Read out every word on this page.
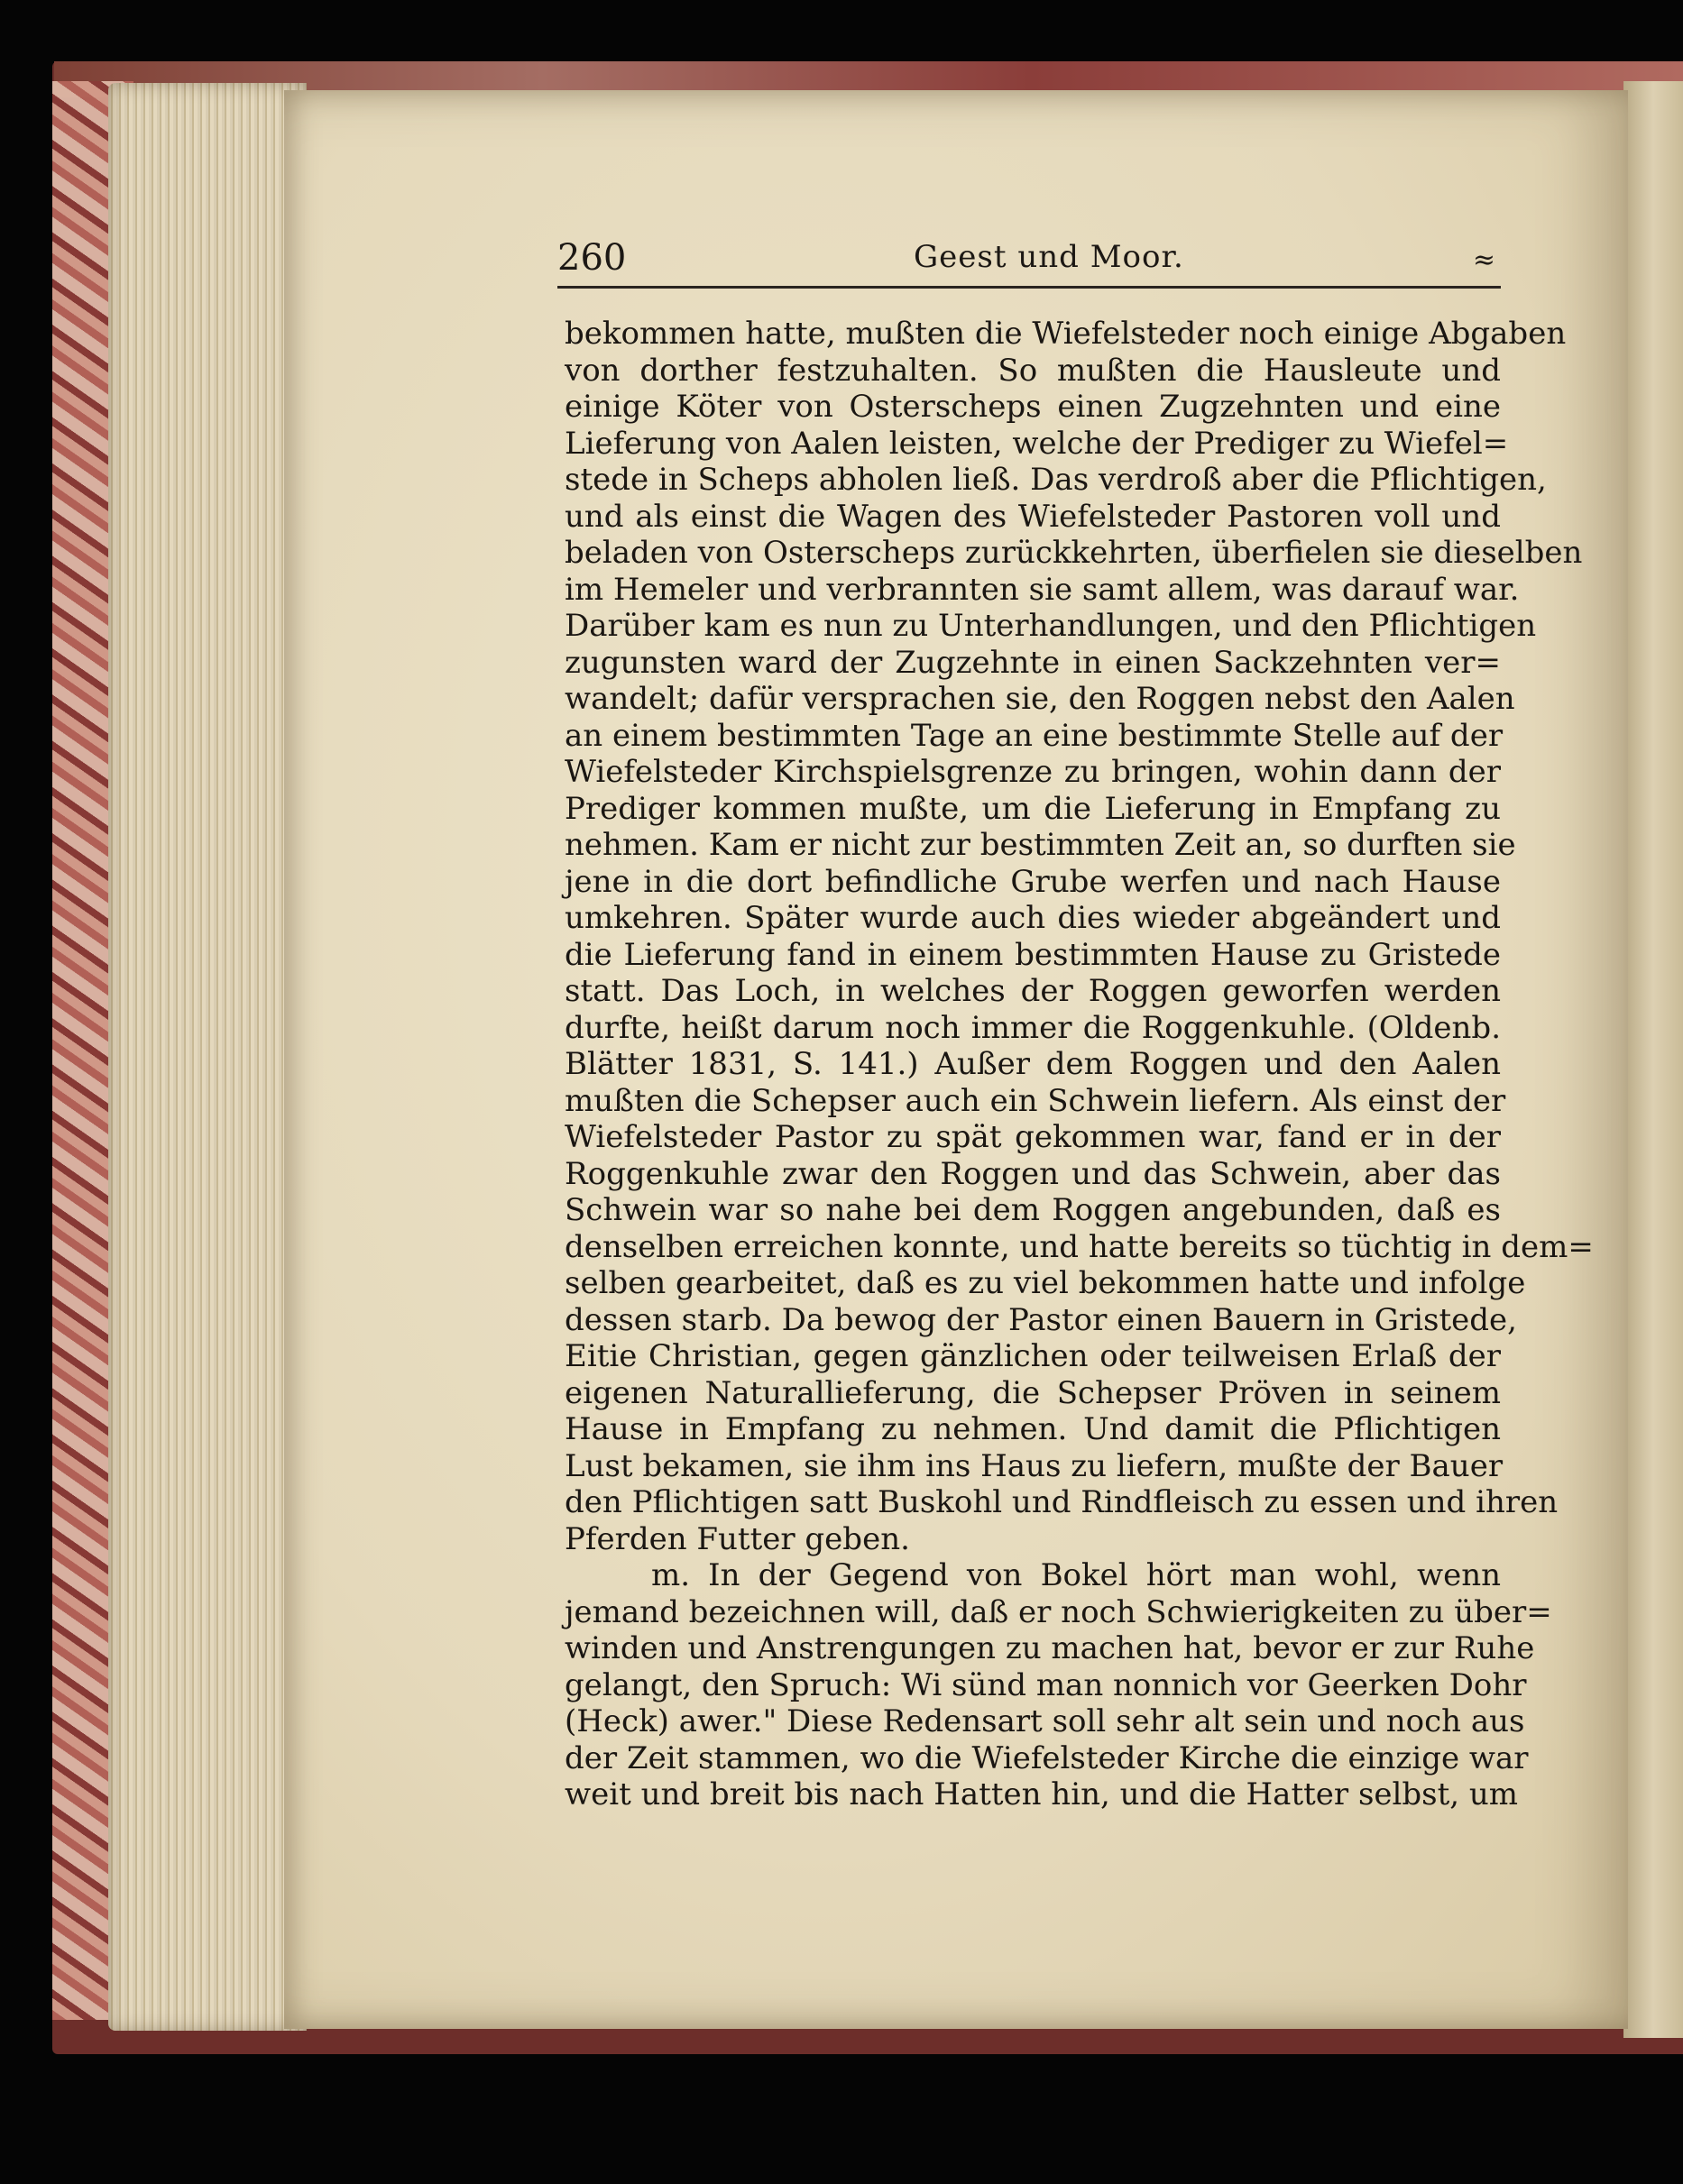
260	Geest und Moor.	≈
bekommen hatte, mußten die Wiefelsteder noch einige Abgaben
von dorther festzuhalten. So mußten die Hausleute und
einige Köter von Osterscheps einen Zugzehnten und eine
Lieferung von Aalen leisten, welche der Prediger zu Wiefel=
stede in Scheps abholen ließ. Das verdroß aber die Pflichtigen,
und als einst die Wagen des Wiefelsteder Pastoren voll und
beladen von Osterscheps zurückkehrten, überfielen sie dieselben
im Hemeler und verbrannten sie samt allem, was darauf war.
Darüber kam es nun zu Unterhandlungen, und den Pflichtigen
zugunsten ward der Zugzehnte in einen Sackzehnten ver=
wandelt; dafür versprachen sie, den Roggen nebst den Aalen
an einem bestimmten Tage an eine bestimmte Stelle auf der
Wiefelsteder Kirchspielsgrenze zu bringen, wohin dann der
Prediger kommen mußte, um die Lieferung in Empfang zu
nehmen. Kam er nicht zur bestimmten Zeit an, so durften sie
jene in die dort befindliche Grube werfen und nach Hause
umkehren. Später wurde auch dies wieder abgeändert und
die Lieferung fand in einem bestimmten Hause zu Gristede
statt. Das Loch, in welches der Roggen geworfen werden
durfte, heißt darum noch immer die Roggenkuhle. (Oldenb.
Blätter 1831, S. 141.) Außer dem Roggen und den Aalen
mußten die Schepser auch ein Schwein liefern. Als einst der
Wiefelsteder Pastor zu spät gekommen war, fand er in der
Roggenkuhle zwar den Roggen und das Schwein, aber das
Schwein war so nahe bei dem Roggen angebunden, daß es
denselben erreichen konnte, und hatte bereits so tüchtig in dem=
selben gearbeitet, daß es zu viel bekommen hatte und infolge
dessen starb. Da bewog der Pastor einen Bauern in Gristede,
Eitie Christian, gegen gänzlichen oder teilweisen Erlaß der
eigenen Naturallieferung, die Schepser Pröven in seinem
Hause in Empfang zu nehmen. Und damit die Pflichtigen
Lust bekamen, sie ihm ins Haus zu liefern, mußte der Bauer
den Pflichtigen satt Buskohl und Rindfleisch zu essen und ihren
Pferden Futter geben.
m. In der Gegend von Bokel hört man wohl, wenn
jemand bezeichnen will, daß er noch Schwierigkeiten zu über=
winden und Anstrengungen zu machen hat, bevor er zur Ruhe
gelangt, den Spruch: Wi sünd man nonnich vor Geerken Dohr
(Heck) awer." Diese Redensart soll sehr alt sein und noch aus
der Zeit stammen, wo die Wiefelsteder Kirche die einzige war
weit und breit bis nach Hatten hin, und die Hatter selbst, um
